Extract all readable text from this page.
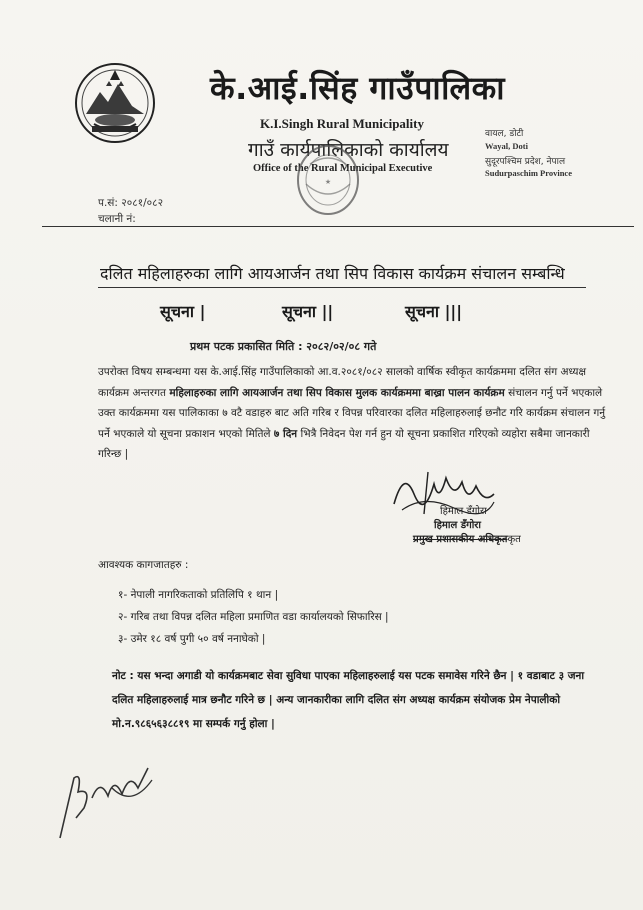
के.आई.सिंह गाउँपालिका
K.I.Singh Rural Municipality
गाउँ कार्यपालिकाको कार्यालय
Office of the Rural Municipal Executive
★
वायल, डोटी
Wayal, Doti
सुदूरपश्चिम प्रदेश, नेपाल
Sudurpaschim Province
प.सं: २०८१/०८२
चलानी नं:
दलित महिलाहरुका लागि आयआर्जन तथा सिप विकास कार्यक्रम संचालन सम्बन्धि
सूचना |	सूचना ||	सूचना |||
प्रथम पटक प्रकासित मिति : २०८२/०२/०८ गते
उपरोक्त विषय सम्बन्धमा यस के.आई.सिंह गाउँपालिकाको आ.व.२०८१/०८२ सालको वार्षिक स्वीकृत कार्यक्रममा दलित संग अध्यक्ष कार्यक्रम अन्तरगत महिलाहरुका लागि आयआर्जन तथा सिप विकास मुलक कार्यक्रममा बाख्रा पालन कार्यक्रम संचालन गर्नु पर्ने भएकाले उक्त कार्यक्रममा यस पालिकाका ७ वटै वडाहरु बाट अति गरिब र विपन्न परिवारका दलित महिलाहरुलाई छनौट गरि कार्यक्रम संचालन गर्नु पर्ने भएकाले यो सूचना प्रकाशन भएको मितिले ७ दिन भित्रै निवेदन पेश गर्न हुन यो सूचना प्रकाशित गरिएको व्यहोरा सबैमा जानकारी गरिन्छ |
हिमाल डँगोरा
हिमाल डँगोरा
प्रमुख प्रशासकीय अधिकृतकृत
आवश्यक कागजातहरु :
१- नेपाली नागरिकताको प्रतिलिपि १ थान |
२- गरिब तथा विपन्न दलित महिला प्रमाणित वडा कार्यालयको सिफारिस |
३- उमेर १८ वर्ष पुगी ५० वर्ष ननाघेको |
नोट : यस भन्दा अगाडी यो कार्यक्रमबाट सेवा सुविधा पाएका महिलाहरुलाई यस पटक समावेस गरिने छैन | १ वडाबाट ३ जना दलित महिलाहरुलाई मात्र छनौट गरिने छ | अन्य जानकारीका लागि दलित संग अध्यक्ष कार्यक्रम संयोजक प्रेम नेपालीको मो.न.९८६५६३८८१९ मा सम्पर्क गर्नु होला |
